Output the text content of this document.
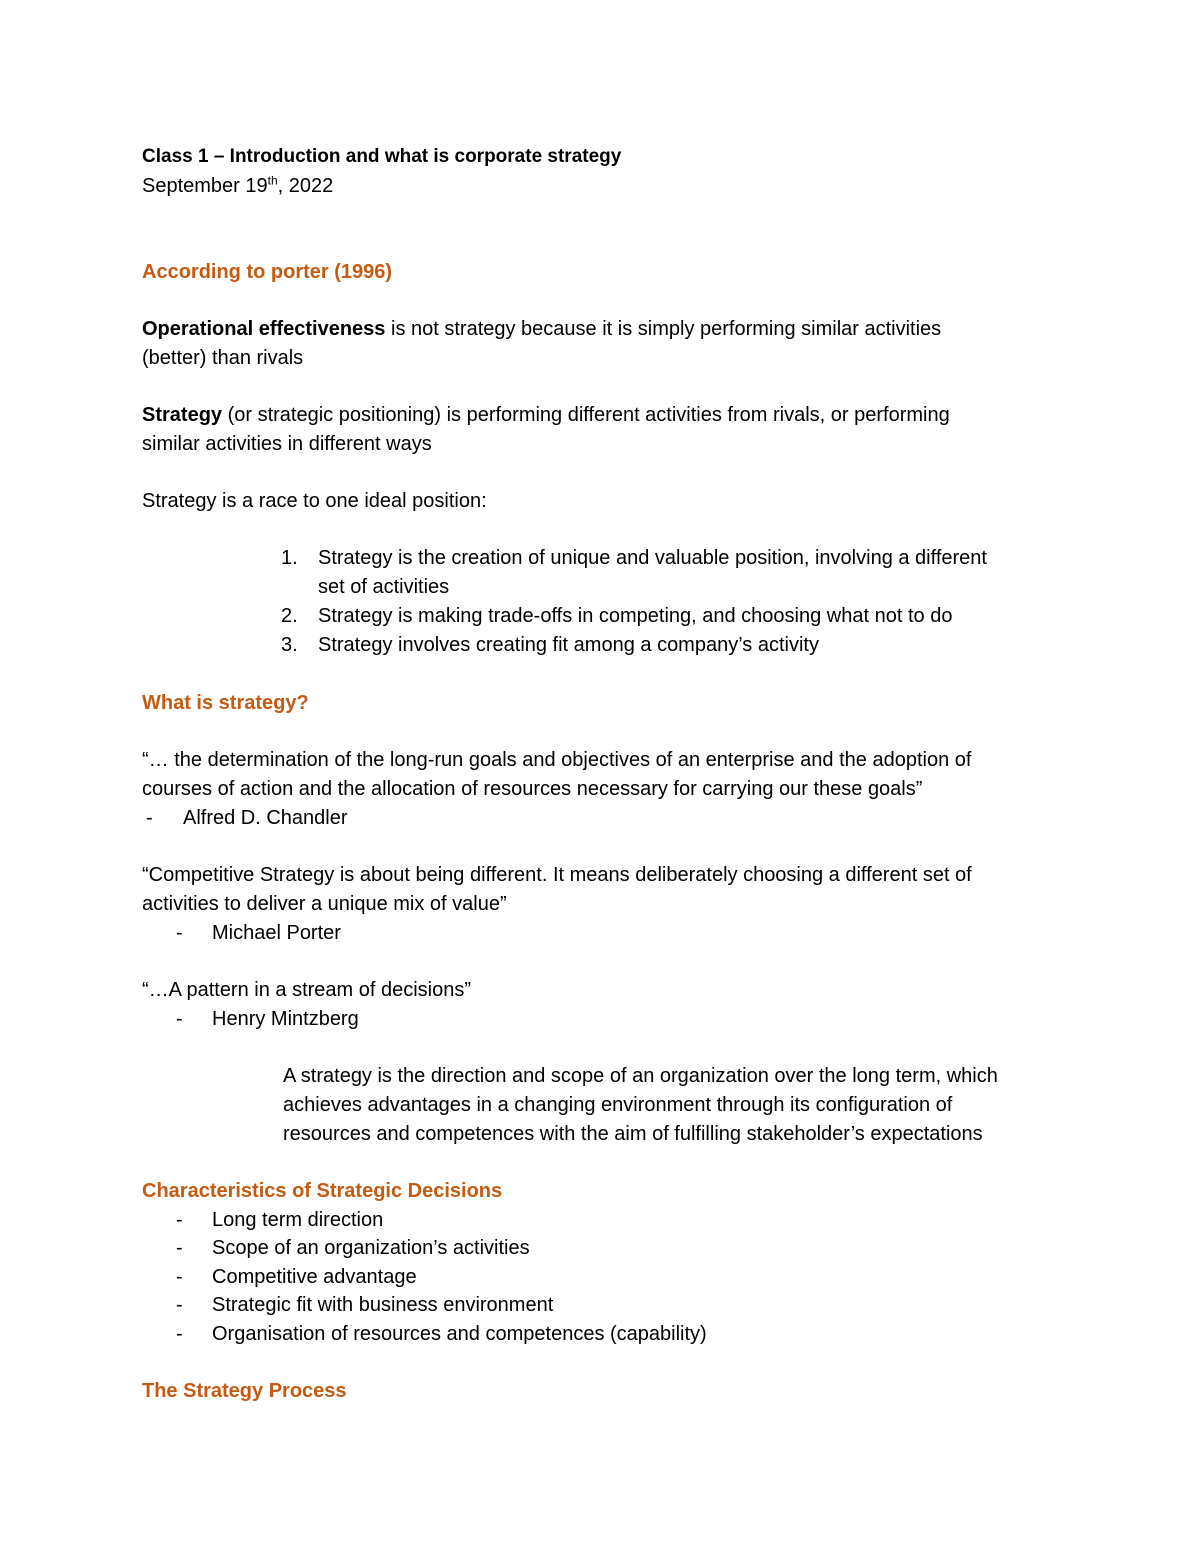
Class 1 – Introduction and what is corporate strategy
September 19th, 2022
According to porter (1996)
Operational effectiveness is not strategy because it is simply performing similar activities
(better) than rivals
Strategy (or strategic positioning) is performing different activities from rivals, or performing
similar activities in different ways
Strategy is a race to one ideal position:
1. Strategy is the creation of unique and valuable position, involving a different
set of activities
2. Strategy is making trade-offs in competing, and choosing what not to do
3. Strategy involves creating fit among a company’s activity
What is strategy?
“… the determination of the long-run goals and objectives of an enterprise and the adoption of
courses of action and the allocation of resources necessary for carrying our these goals”
- Alfred D. Chandler
“Competitive Strategy is about being different. It means deliberately choosing a different set of
activities to deliver a unique mix of value”
- Michael Porter
“…A pattern in a stream of decisions”
- Henry Mintzberg
A strategy is the direction and scope of an organization over the long term, which
achieves advantages in a changing environment through its configuration of
resources and competences with the aim of fulfilling stakeholder’s expectations
Characteristics of Strategic Decisions
- Long term direction
- Scope of an organization’s activities
- Competitive advantage
- Strategic fit with business environment
- Organisation of resources and competences (capability)
The Strategy Process
